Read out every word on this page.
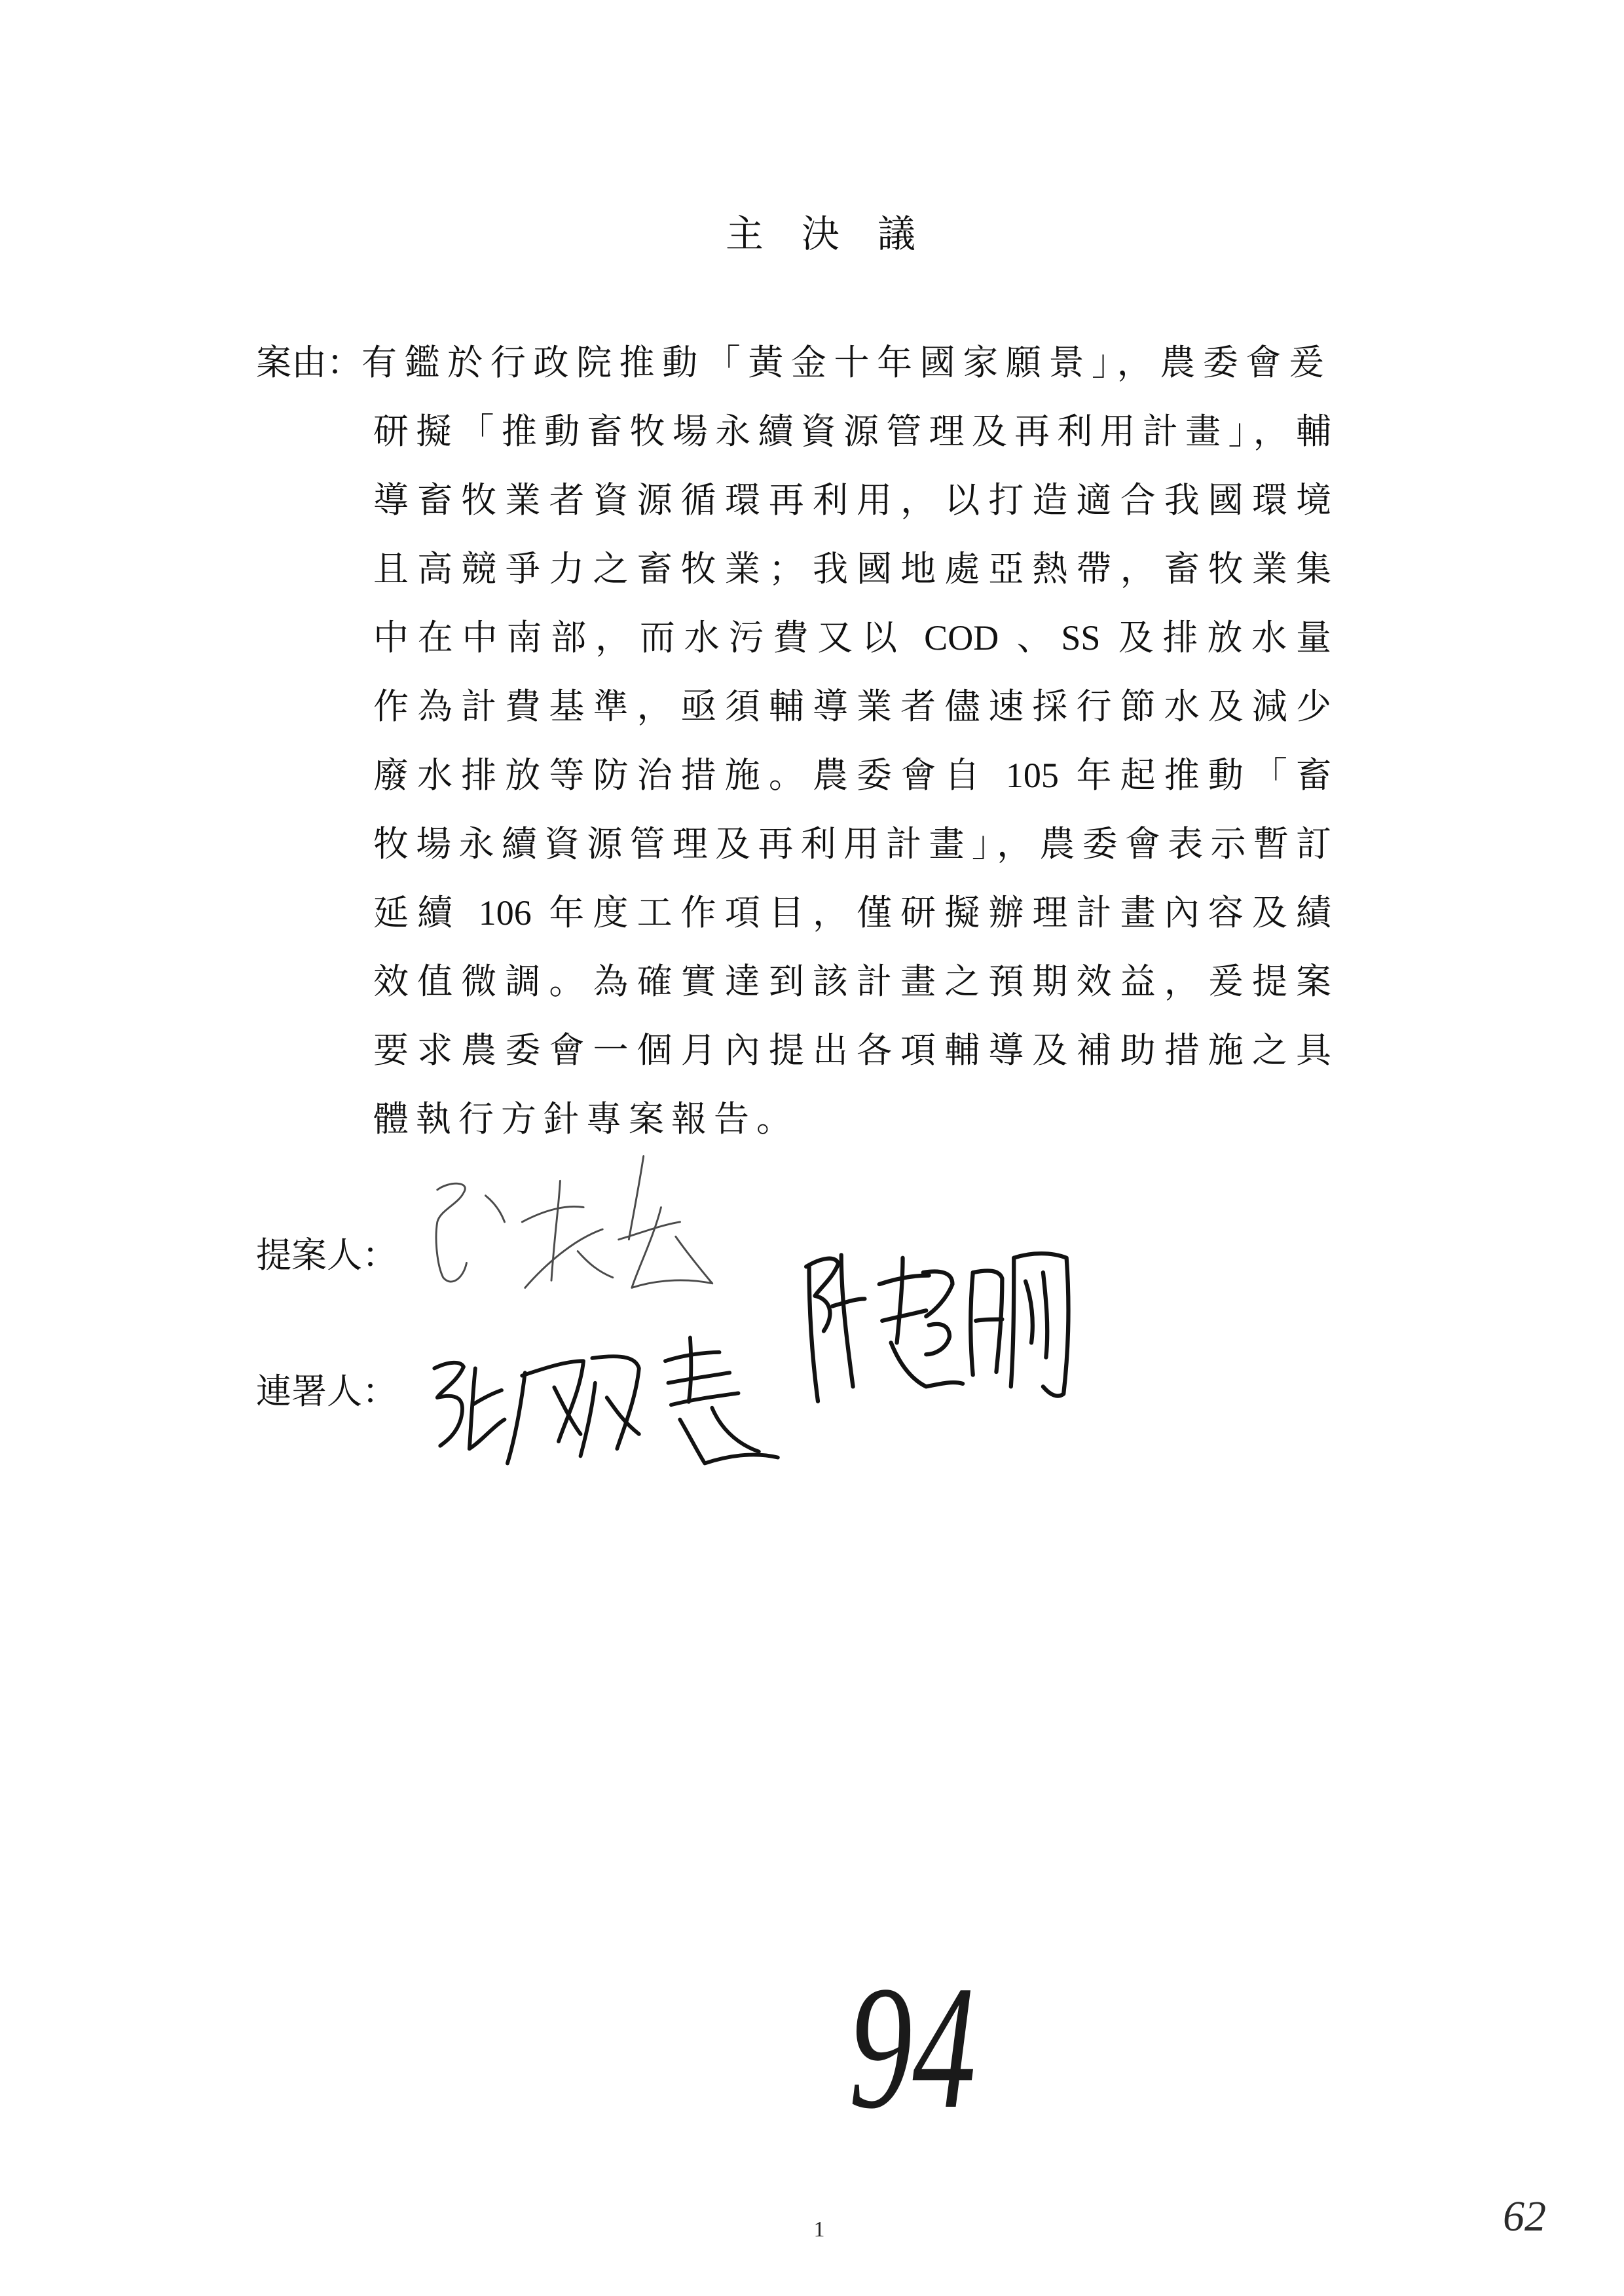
主 決 議
案由： 有鑑於行政院推動「黃金十年國家願景」，農委會爰
研擬「推動畜牧場永續資源管理及再利用計畫」，輔
導畜牧業者資源循環再利用，以打造適合我國環境
且高競爭力之畜牧業；我國地處亞熱帶，畜牧業集
中在中南部，而水污費又以 COD 、SS 及排放水量
作為計費基準，亟須輔導業者儘速採行節水及減少
廢水排放等防治措施。農委會自 105 年起推動「畜
牧場永續資源管理及再利用計畫」，農委會表示暫訂
延續 106 年度工作項目，僅研擬辦理計畫內容及績
效值微調。為確實達到該計畫之預期效益，爰提案
要求農委會一個月內提出各項輔導及補助措施之具
體執行方針專案報告。
提案人：
連署人：
94
1	62
